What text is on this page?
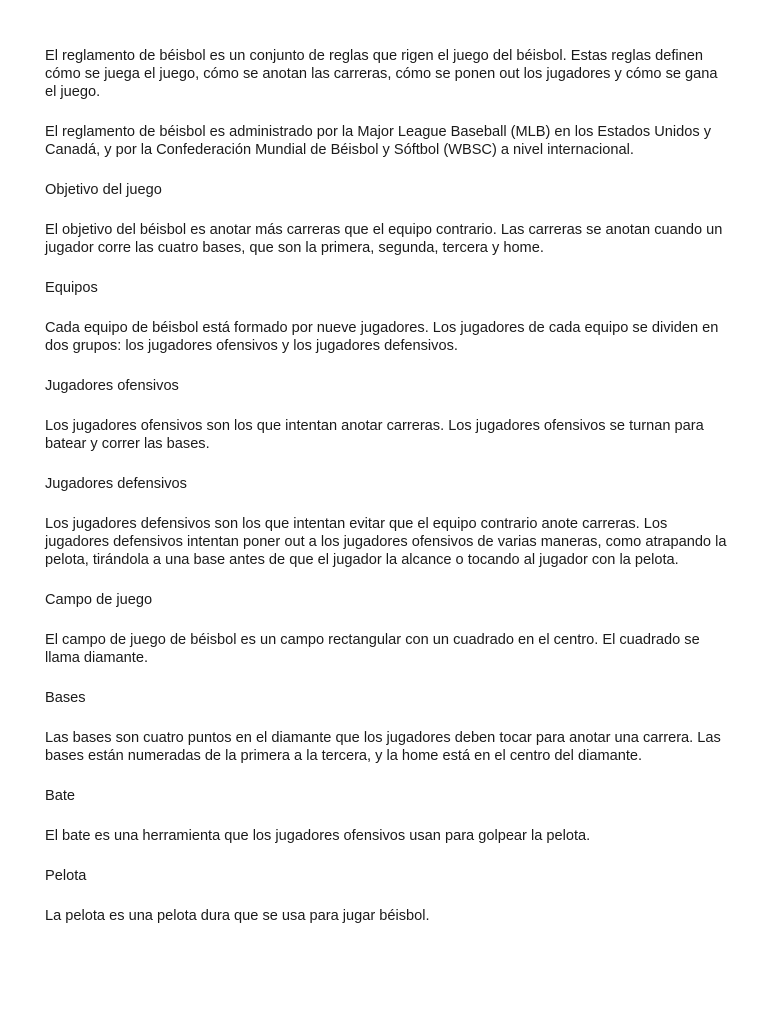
El reglamento de béisbol es un conjunto de reglas que rigen el juego del béisbol. Estas reglas definen cómo se juega el juego, cómo se anotan las carreras, cómo se ponen out los jugadores y cómo se gana el juego.

El reglamento de béisbol es administrado por la Major League Baseball (MLB) en los Estados Unidos y Canadá, y por la Confederación Mundial de Béisbol y Sóftbol (WBSC) a nivel internacional.

Objetivo del juego

El objetivo del béisbol es anotar más carreras que el equipo contrario. Las carreras se anotan cuando un jugador corre las cuatro bases, que son la primera, segunda, tercera y home.

Equipos

Cada equipo de béisbol está formado por nueve jugadores. Los jugadores de cada equipo se dividen en dos grupos: los jugadores ofensivos y los jugadores defensivos.

Jugadores ofensivos

Los jugadores ofensivos son los que intentan anotar carreras. Los jugadores ofensivos se turnan para batear y correr las bases.

Jugadores defensivos

Los jugadores defensivos son los que intentan evitar que el equipo contrario anote carreras. Los jugadores defensivos intentan poner out a los jugadores ofensivos de varias maneras, como atrapando la pelota, tirándola a una base antes de que el jugador la alcance o tocando al jugador con la pelota.

Campo de juego

El campo de juego de béisbol es un campo rectangular con un cuadrado en el centro. El cuadrado se llama diamante.

Bases

Las bases son cuatro puntos en el diamante que los jugadores deben tocar para anotar una carrera. Las bases están numeradas de la primera a la tercera, y la home está en el centro del diamante.

Bate

El bate es una herramienta que los jugadores ofensivos usan para golpear la pelota.

Pelota

La pelota es una pelota dura que se usa para jugar béisbol.
